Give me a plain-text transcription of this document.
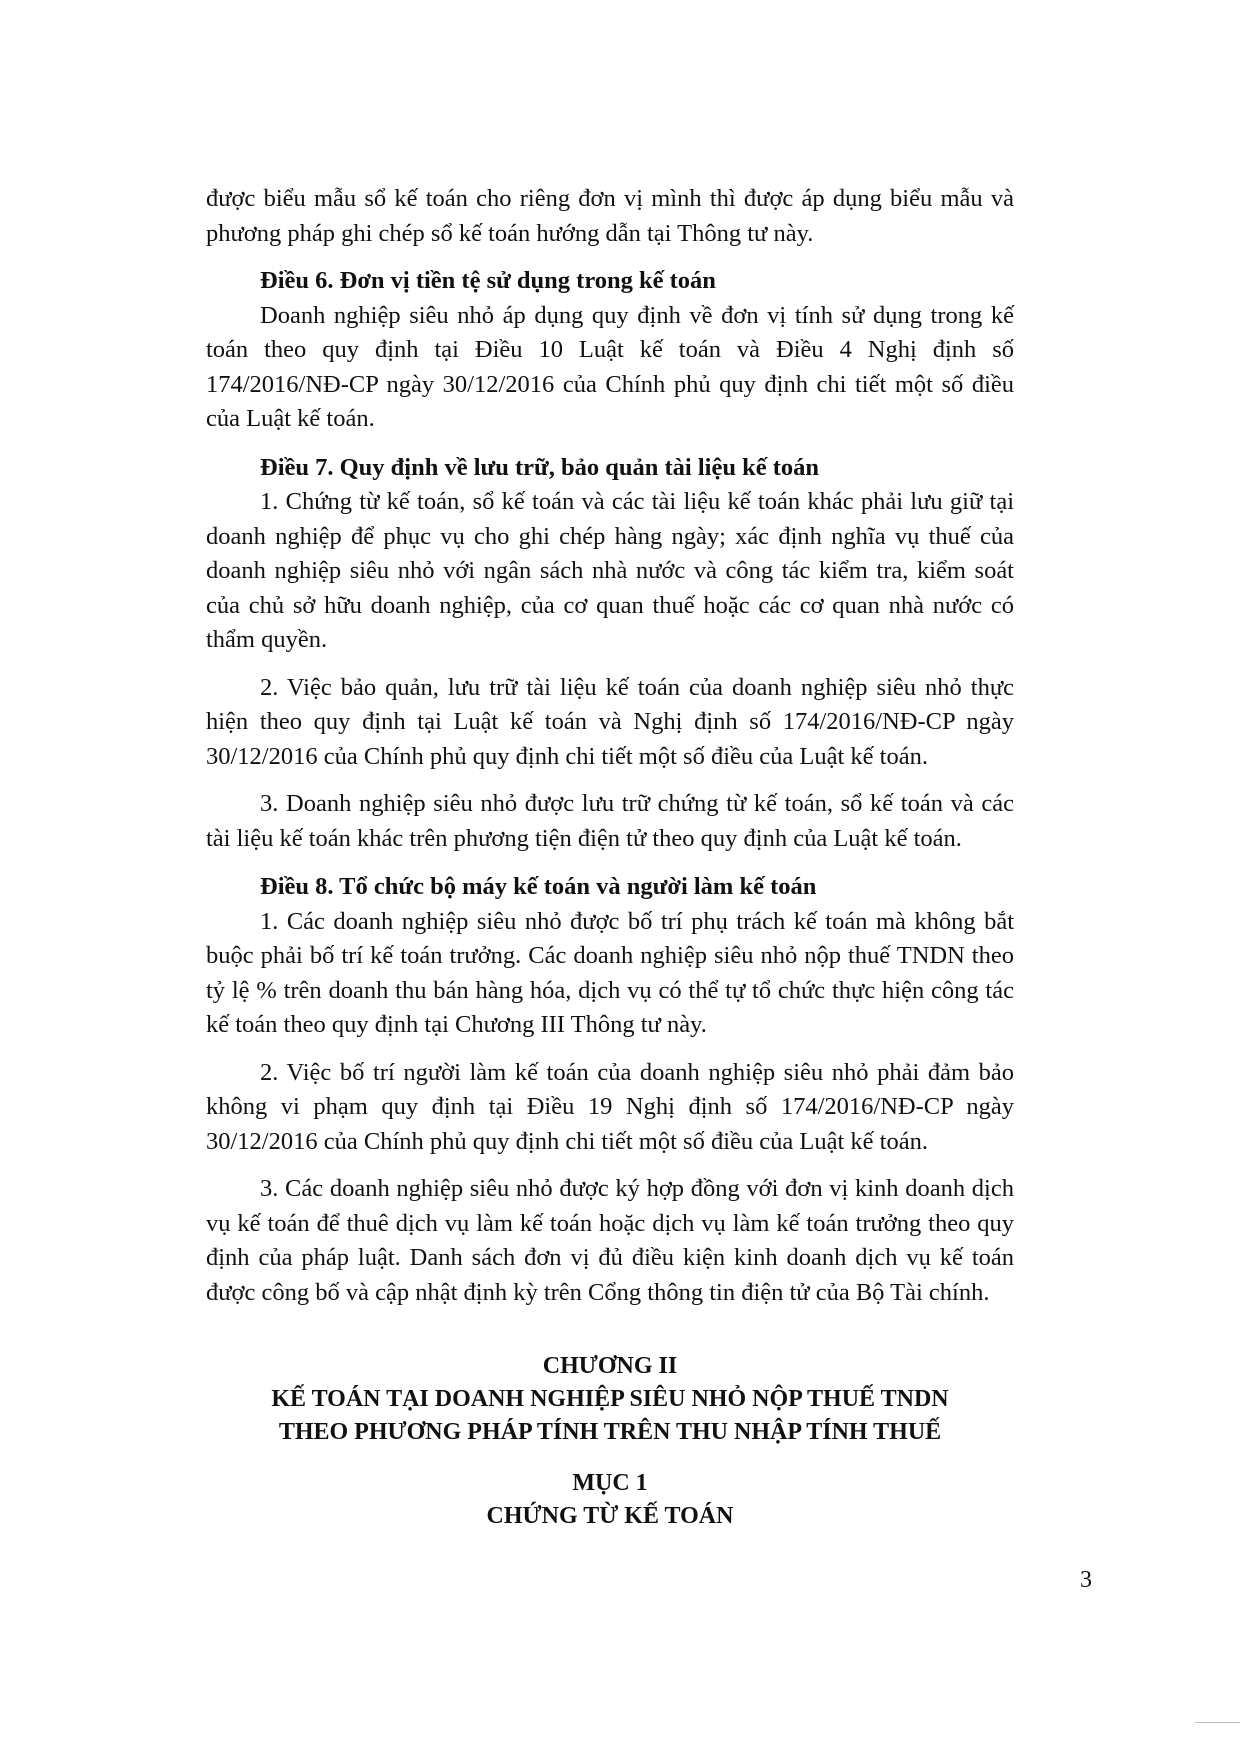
được biểu mẫu sổ kế toán cho riêng đơn vị mình thì được áp dụng biểu mẫu và phương pháp ghi chép sổ kế toán hướng dẫn tại Thông tư này.

Điều 6. Đơn vị tiền tệ sử dụng trong kế toán

Doanh nghiệp siêu nhỏ áp dụng quy định về đơn vị tính sử dụng trong kế toán theo quy định tại Điều 10 Luật kế toán và Điều 4 Nghị định số 174/2016/NĐ-CP ngày 30/12/2016 của Chính phủ quy định chi tiết một số điều của Luật kế toán.

Điều 7. Quy định về lưu trữ, bảo quản tài liệu kế toán

1. Chứng từ kế toán, sổ kế toán và các tài liệu kế toán khác phải lưu giữ tại doanh nghiệp để phục vụ cho ghi chép hàng ngày; xác định nghĩa vụ thuế của doanh nghiệp siêu nhỏ với ngân sách nhà nước và công tác kiểm tra, kiểm soát của chủ sở hữu doanh nghiệp, của cơ quan thuế hoặc các cơ quan nhà nước có thẩm quyền.

2. Việc bảo quản, lưu trữ tài liệu kế toán của doanh nghiệp siêu nhỏ thực hiện theo quy định tại Luật kế toán và Nghị định số 174/2016/NĐ-CP ngày 30/12/2016 của Chính phủ quy định chi tiết một số điều của Luật kế toán.

3. Doanh nghiệp siêu nhỏ được lưu trữ chứng từ kế toán, sổ kế toán và các tài liệu kế toán khác trên phương tiện điện tử theo quy định của Luật kế toán.

Điều 8. Tổ chức bộ máy kế toán và người làm kế toán

1. Các doanh nghiệp siêu nhỏ được bố trí phụ trách kế toán mà không bắt buộc phải bố trí kế toán trưởng. Các doanh nghiệp siêu nhỏ nộp thuế TNDN theo tỷ lệ % trên doanh thu bán hàng hóa, dịch vụ có thể tự tổ chức thực hiện công tác kế toán theo quy định tại Chương III Thông tư này.

2. Việc bố trí người làm kế toán của doanh nghiệp siêu nhỏ phải đảm bảo không vi phạm quy định tại Điều 19 Nghị định số 174/2016/NĐ-CP ngày 30/12/2016 của Chính phủ quy định chi tiết một số điều của Luật kế toán.

3. Các doanh nghiệp siêu nhỏ được ký hợp đồng với đơn vị kinh doanh dịch vụ kế toán để thuê dịch vụ làm kế toán hoặc dịch vụ làm kế toán trưởng theo quy định của pháp luật. Danh sách đơn vị đủ điều kiện kinh doanh dịch vụ kế toán được công bố và cập nhật định kỳ trên Cổng thông tin điện tử của Bộ Tài chính.

CHƯƠNG II

KẾ TOÁN TẠI DOANH NGHIỆP SIÊU NHỎ NỘP THUẾ TNDN

THEO PHƯƠNG PHÁP TÍNH TRÊN THU NHẬP TÍNH THUẾ

MỤC 1

CHỨNG TỪ KẾ TOÁN

3
